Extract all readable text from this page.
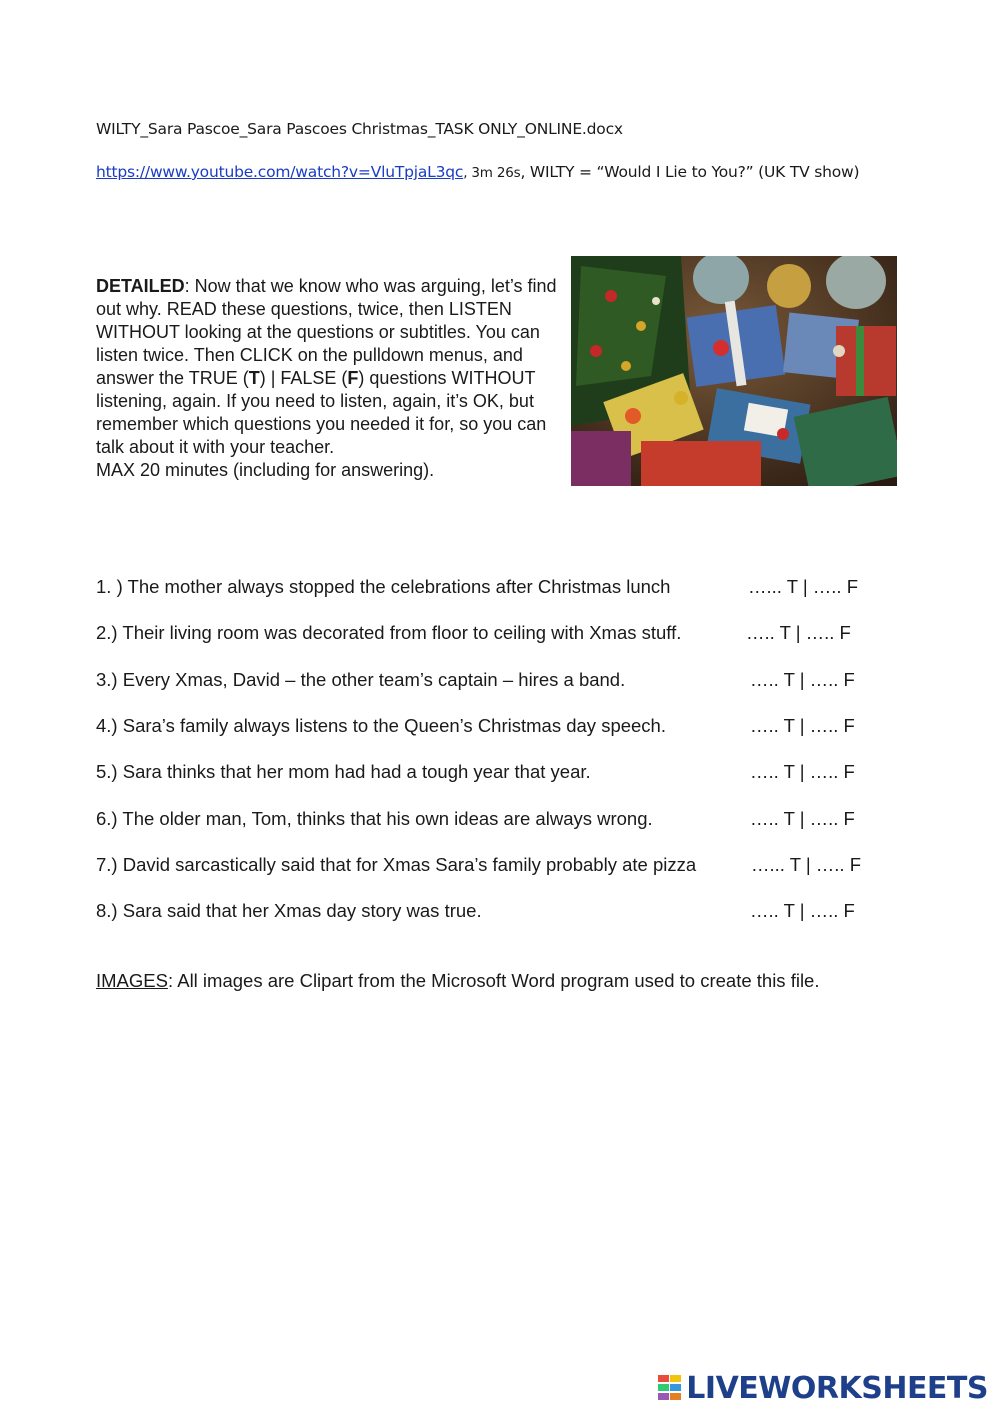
WILTY_Sara Pascoe_Sara Pascoes Christmas_TASK ONLY_ONLINE.docx
https://www.youtube.com/watch?v=VluTpjaL3qc, 3m 26s, WILTY = “Would I Lie to You?” (UK TV show)

DETAILED: Now that we know who was arguing, let’s find out why. READ these questions, twice, then LISTEN WITHOUT looking at the questions or subtitles. You can listen twice. Then CLICK on the pulldown menus, and answer the TRUE (T) | FALSE (F) questions WITHOUT listening, again. If you need to listen, again, it’s OK, but remember which questions you needed it for, so you can talk about it with your teacher.

MAX 20 minutes (including for answering).

1. ) The mother always stopped the celebrations after Christmas lunch	…... T | ….. F
2.) Their living room was decorated from floor to ceiling with Xmas stuff.	….. T | ….. F
3.) Every Xmas, David – the other team’s captain – hires a band.	….. T | ….. F
4.) Sara’s family always listens to the Queen’s Christmas day speech.	….. T | ….. F
5.) Sara thinks that her mom had had a tough year that year.	….. T | ….. F
6.) The older man, Tom, thinks that his own ideas are always wrong.	….. T | ….. F
7.) David sarcastically said that for Xmas Sara’s family probably ate pizza	…... T | ….. F
8.) Sara said that her Xmas day story was true.	….. T | ….. F
IMAGES: All images are Clipart from the Microsoft Word program used to create this file.
LIVEWORKSHEETS
